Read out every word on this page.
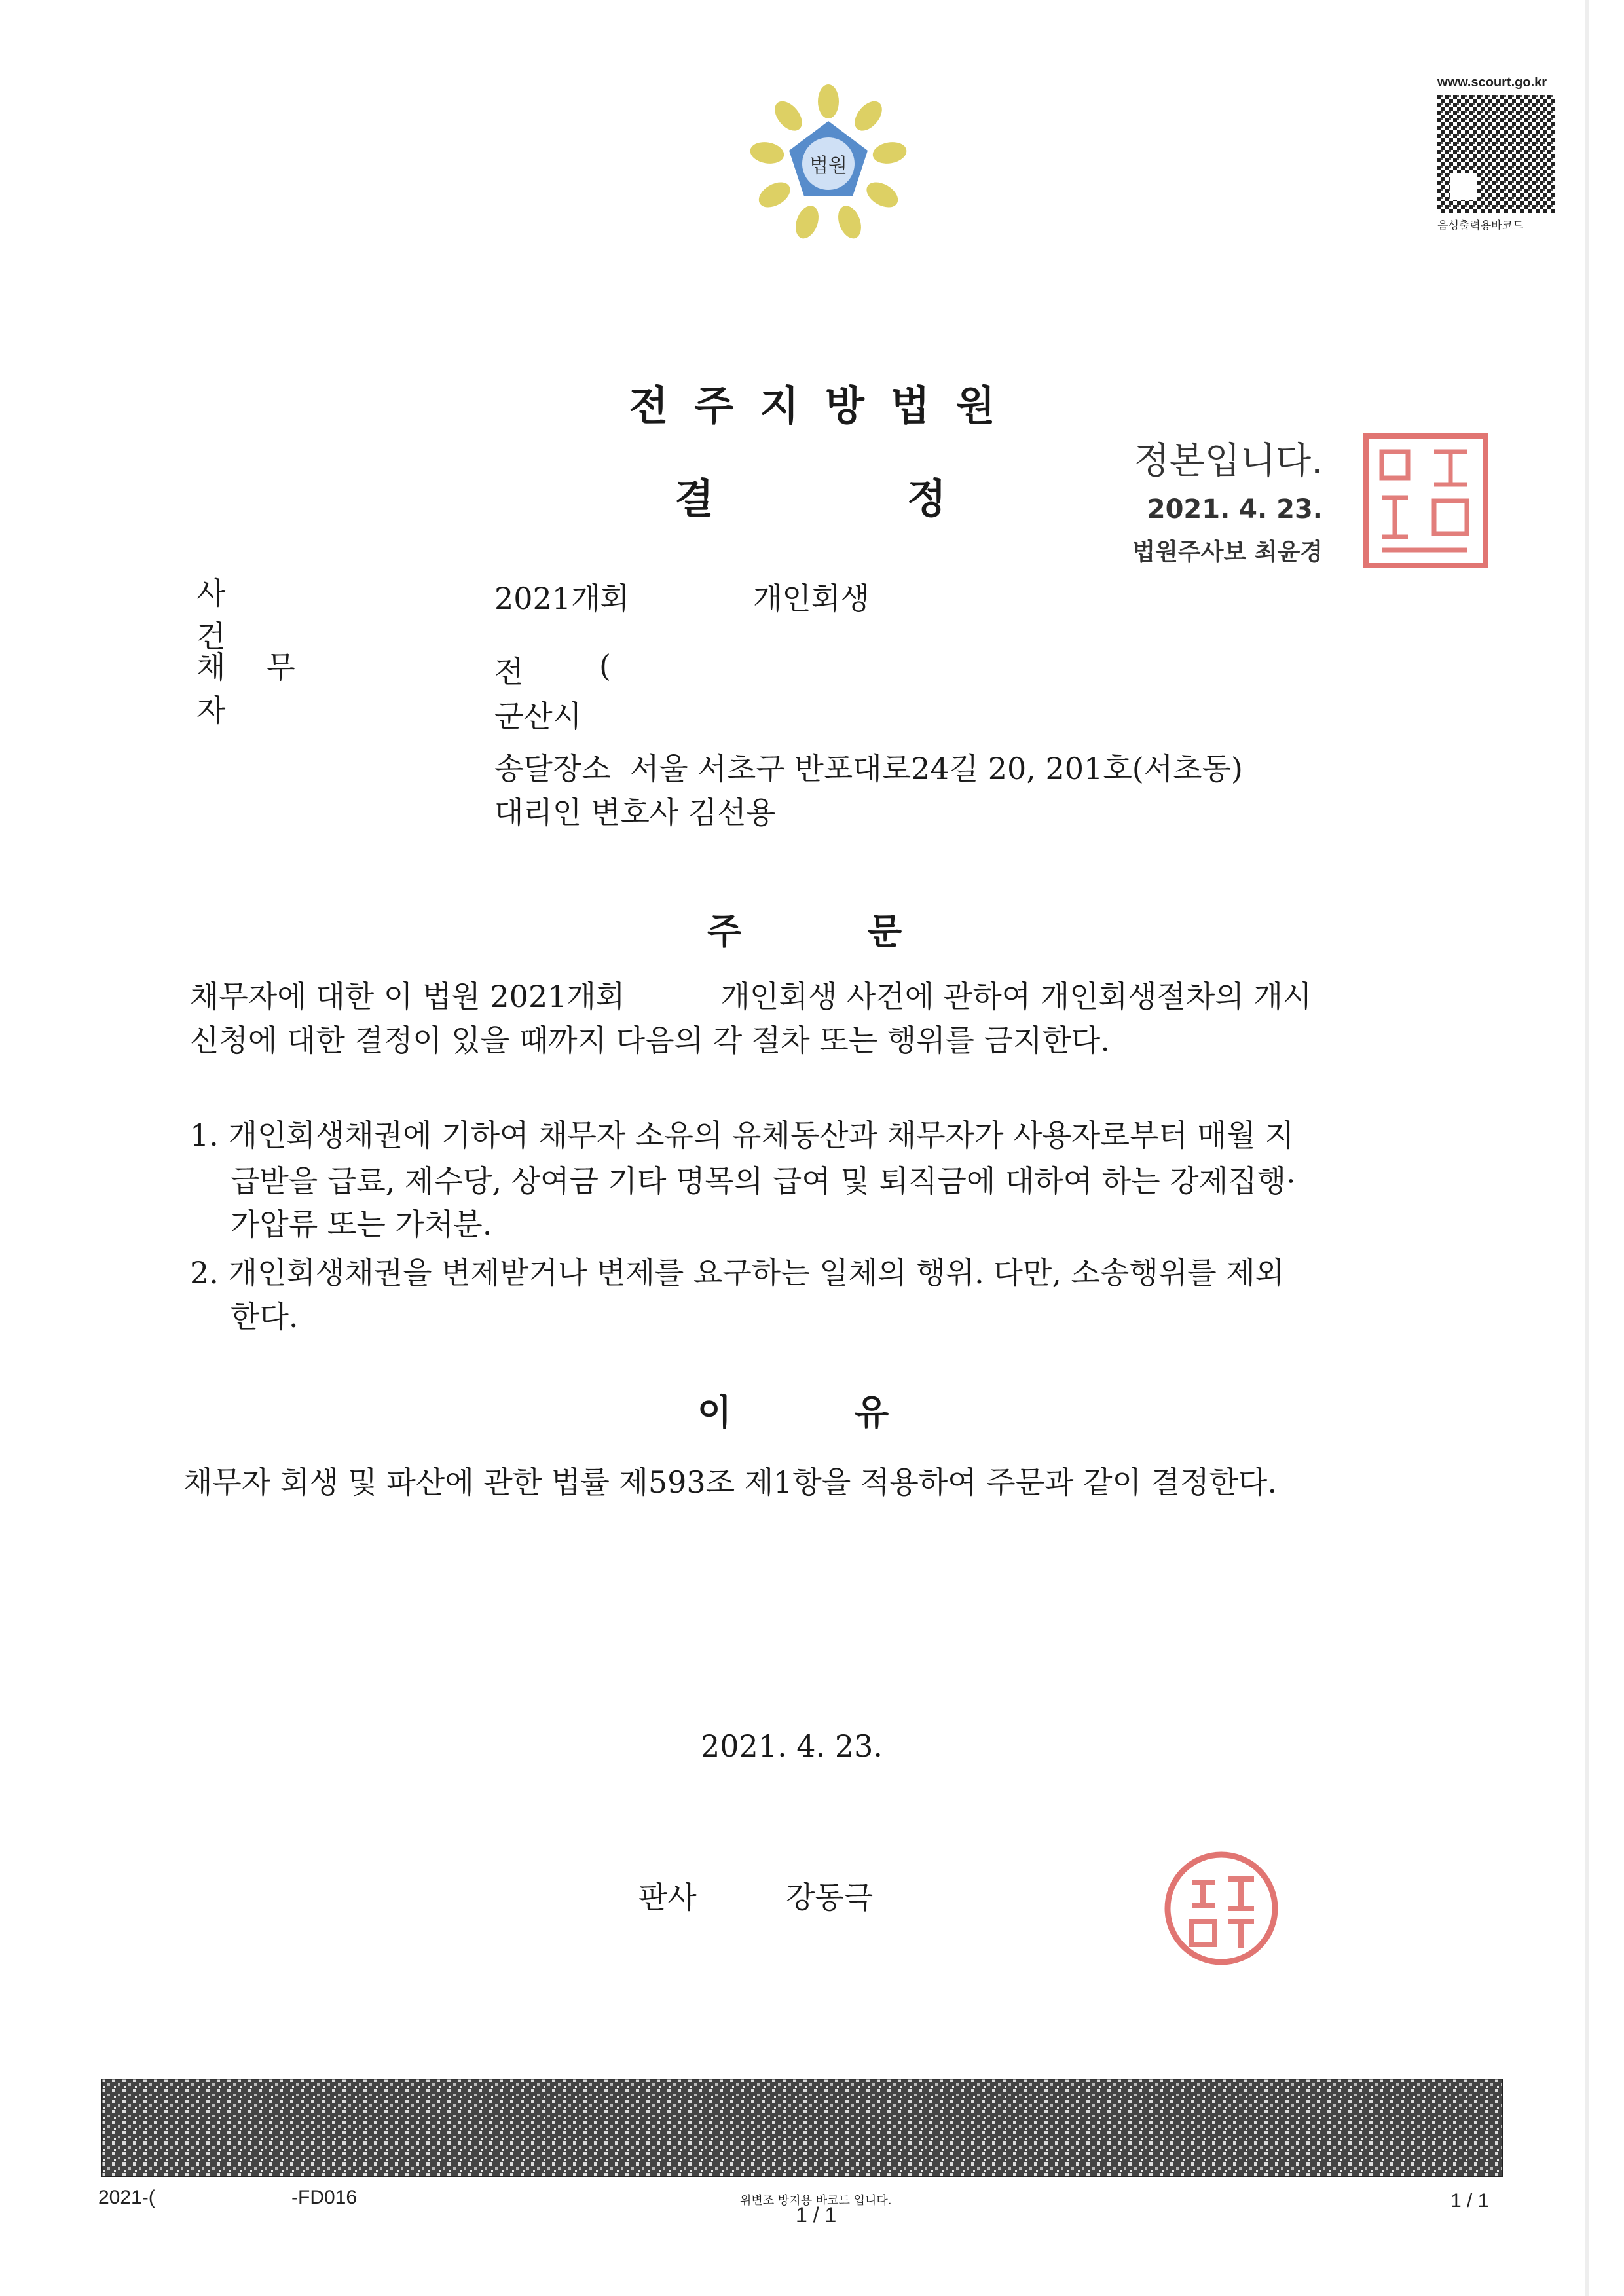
법원
www.scourt.go.kr
음성출력용바코드
전주지방법원
결	정
정본입니다.
2021. 4. 23.
법원주사보 최윤경
사건
2021개회	개인회생
채무자
전	(
군산시
송달장소  서울 서초구 반포대로24길 20, 201호(서초동)
대리인 변호사 김선용
주	문
채무자에 대한 이 법원 2021개회          개인회생 사건에 관하여 개인회생절차의 개시
신청에 대한 결정이 있을 때까지 다음의 각 절차 또는 행위를 금지한다.
1. 개인회생채권에 기하여 채무자 소유의 유체동산과 채무자가 사용자로부터 매월 지
급받을 급료, 제수당, 상여금 기타 명목의 급여 및 퇴직금에 대하여 하는 강제집행·
가압류 또는 가처분.
2. 개인회생채권을 변제받거나 변제를 요구하는 일체의 행위. 다만, 소송행위를 제외
한다.
이	유
채무자 회생 및 파산에 관한 법률 제593조 제1항을 적용하여 주문과 같이 결정한다.
2021. 4. 23.
판사	강동극
2021-(	-FD016	위변조 방지용 바코드 입니다.
1 / 1
1 / 1
